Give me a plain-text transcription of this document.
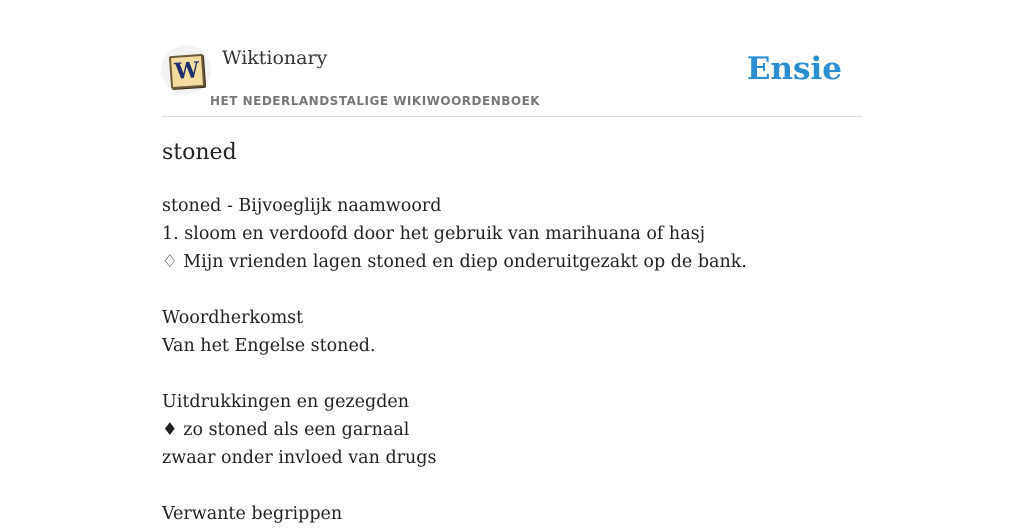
W Wiktionary
HET NEDERLANDSTALIGE WIKIWOORDENBOEK
Ensie
stoned
stoned - Bijvoeglijk naamwoord
1. sloom en verdoofd door het gebruik van marihuana of hasj
♢ Mijn vrienden lagen stoned en diep onderuitgezakt op de bank.
Woordherkomst
Van het Engelse stoned.
Uitdrukkingen en gezegden
♦ zo stoned als een garnaal
zwaar onder invloed van drugs
Verwante begrippen
